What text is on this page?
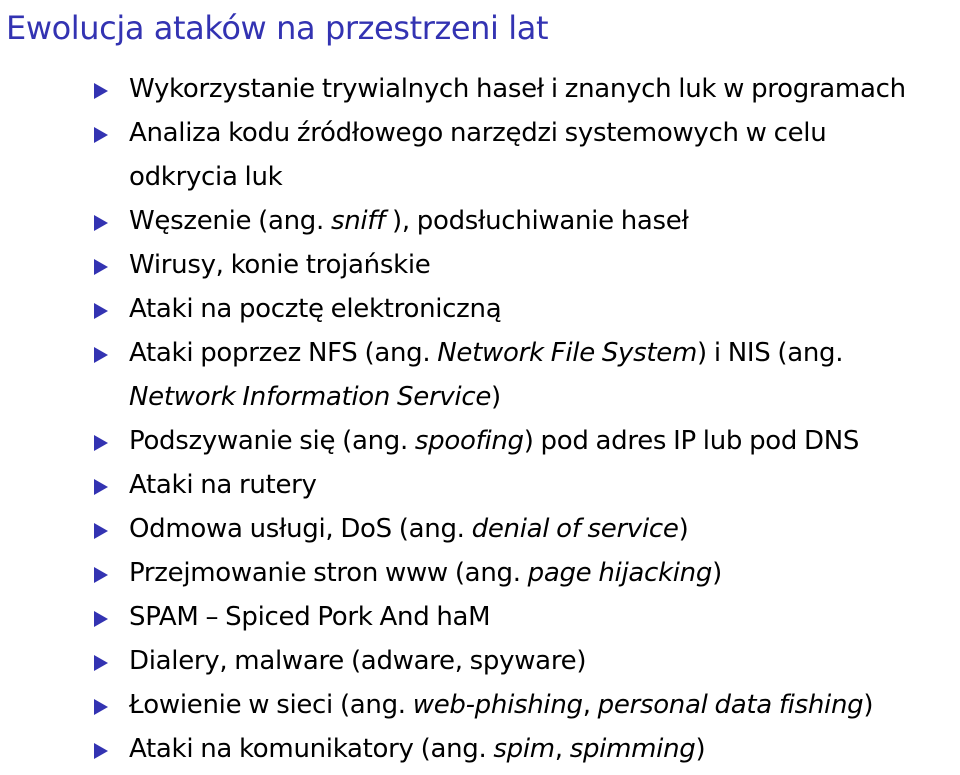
Ewolucja ataków na przestrzeni lat
Wykorzystanie trywialnych haseł i znanych luk w programach
Analiza kodu źródłowego narzędzi systemowych w celu
odkrycia luk
Węszenie (ang. sniff ), podsłuchiwanie haseł
Wirusy, konie trojańskie
Ataki na pocztę elektroniczną
Ataki poprzez NFS (ang. Network File System) i NIS (ang.
Network Information Service)
Podszywanie się (ang. spoofing) pod adres IP lub pod DNS
Ataki na rutery
Odmowa usługi, DoS (ang. denial of service)
Przejmowanie stron www (ang. page hijacking)
SPAM – Spiced Pork And haM
Dialery, malware (adware, spyware)
Łowienie w sieci (ang. web-phishing, personal data fishing)
Ataki na komunikatory (ang. spim, spimming)
